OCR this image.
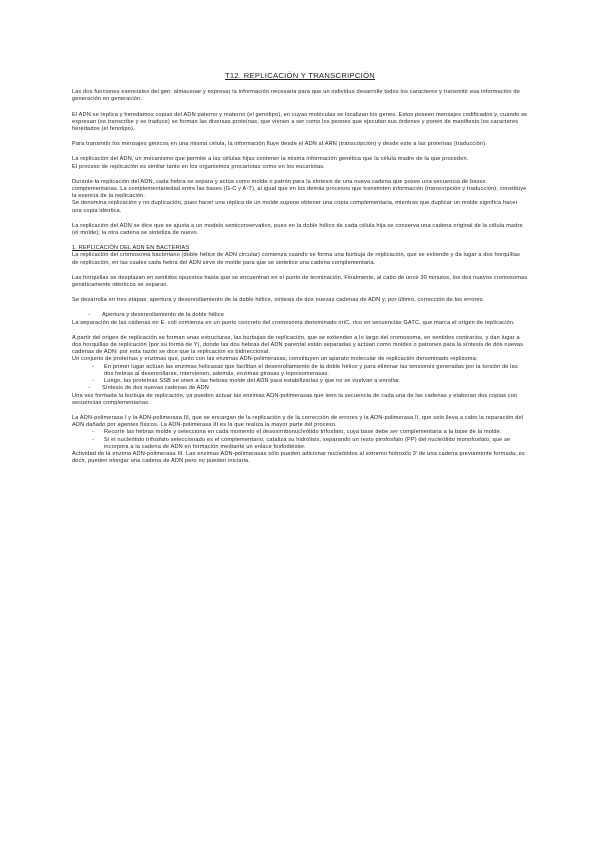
T12. REPLICACIÓN Y TRANSCRIPCIÓN

Las dos funciones esenciales del gen: almacenar y expresar la información necesaria para que un individuo desarrolle todos los caracteres y transmitir esa información de generación en generación.

El ADN se replica y heredamos copias del ADN paterno y materno (el genotipo), en cuyas moléculas se localizan los genes. Estos poseen mensajes codificados y, cuando se expresan (se transcribe y se traduce) se forman las diversas proteínas, que vienen a ser como los peones que ejecutan sus órdenes y ponen de manifiesto los caracteres heredados (el fenotipo).

Para transmitir los mensajes génicos en una misma célula, la información fluye desde el ADN al ARN (transcripción) y desde este a las proteínas (traducción).

La replicación del ADN, un mecanismo que permite a las células hijas contener la misma información genética que la célula madre de la que proceden.

El proceso de replicación es similar tanto en los organismos procariotas como en los eucariotas.

Durante la replicación del ADN, cada hebra se separa y actúa como molde o patrón para la síntesis de una nueva cadena que posee una secuencia de bases complementarias. La complementariedad entre las bases (G-C y A-T), al igual que en los demás procesos que transmiten información (transcripción y traducción), constituye la esencia de la replicación.

Se denomina replicación y no duplicación, pues hacer una réplica de un molde supone obtener una copia complementaria, mientras que duplicar un molde significa hacer una copia idéntica.

La replicación del ADN se dice que se ajusta a un modelo semiconservativo, pues en la doble hélice de cada célula hija se conserva una cadena original de la célula madre (el molde); la otra cadena se sintetiza de nuevo.

1. REPLICACIÓN DEL ADN EN BACTERIAS

La replicación del cromosoma bacteriano (doble hélice de ADN circular) comienza cuando se forma una burbuja de replicación, que se extiende y da lugar a dos horquillas de replicación, en las cuales cada hebra del ADN sirve de molde para que se sintetice una cadena complementaria.

Las horquillas se desplazan en sentidos opuestos hasta que se encuentran en el punto de terminación. Finalmente, al cabo de unos 30 minutos, los dos nuevos cromosomas genéticamente idénticos se separan.

Se desarrolla en tres etapas: apertura y desenrollamiento de la doble hélice, síntesis de dos nuevas cadenas de ADN y, por último, corrección de los errores.

- Apertura y desenrollamiento de la doble hélice

La separación de las cadenas en E. coli comienza en un punto concreto del cromosoma denominado oriC, rico en secuencias GATC, que marca el origen de replicación.

A partir del origen de replicación se forman unas estructuras, las burbujas de replicación, que se extienden a lo largo del cromosoma, en sentidos contrarios, y dan lugar a dos horquillas de replicación (por su forma de Y), donde las dos hebras del ADN parental están separadas y actúan como moldes o patrones para la síntesis de dos nuevas cadenas de ADN: por esta razón se dice que la replicación es bidireccional.

Un conjunto de proteínas y enzimas que, junto con las enzimas ADN-polimerasas, constituyen un aparato molecular de replicación denominado replisoma:

- En primer lugar actúan las enzimas helicasas que facilitan el desenrollamiento de la doble hélice y para eliminar las tensiones generadas por la torsión de las dos hebras al desenrollarse, intervienen, además, enzimas girasas y topoisomerasas.
- Luego, las proteínas SSB se unen a las hebras molde del ADN para estabilizarlas y que no se vuelvan a enrollar.

- Síntesis de dos nuevas cadenas de ADN

Una vez formada la burbuja de replicación, ya pueden actuar las enzimas ADN-polimerasas que leen la secuencia de cada una de las cadenas y elaboran dos copias con secuencias complementarias.

La ADN-polimerasa I y la ADN-polimerasa III, que se encargan de la replicación y de la corrección de errores y la ADN-polimerasa II, que solo lleva a cabo la reparación del ADN dañado por agentes físicos. La ADN-polimerasa III es la que realiza la mayor parte del proceso.

- Recorre las hebras molde y selecciona en cada momento el desoxirribonucleótido trifosfato, cuya base debe ser complementaria a la base de la molde.
- Si el nucleótido trifosfato seleccionado es el complementario, cataliza su hidrólisis, separando un resto pirofosfato (PP) del nucleótido monofosfato, que se incorpora a la cadena de ADN en formación mediante un enlace fosfodiéster.

Actividad de la enzima ADN-polimerasa III. Las enzimas ADN-polimerasas sólo pueden adicionar nucleótidos al extremo hidroxilo 3’ de una cadena previamente formada, es decir, pueden elongar una cadena de ADN pero no pueden iniciarla.
